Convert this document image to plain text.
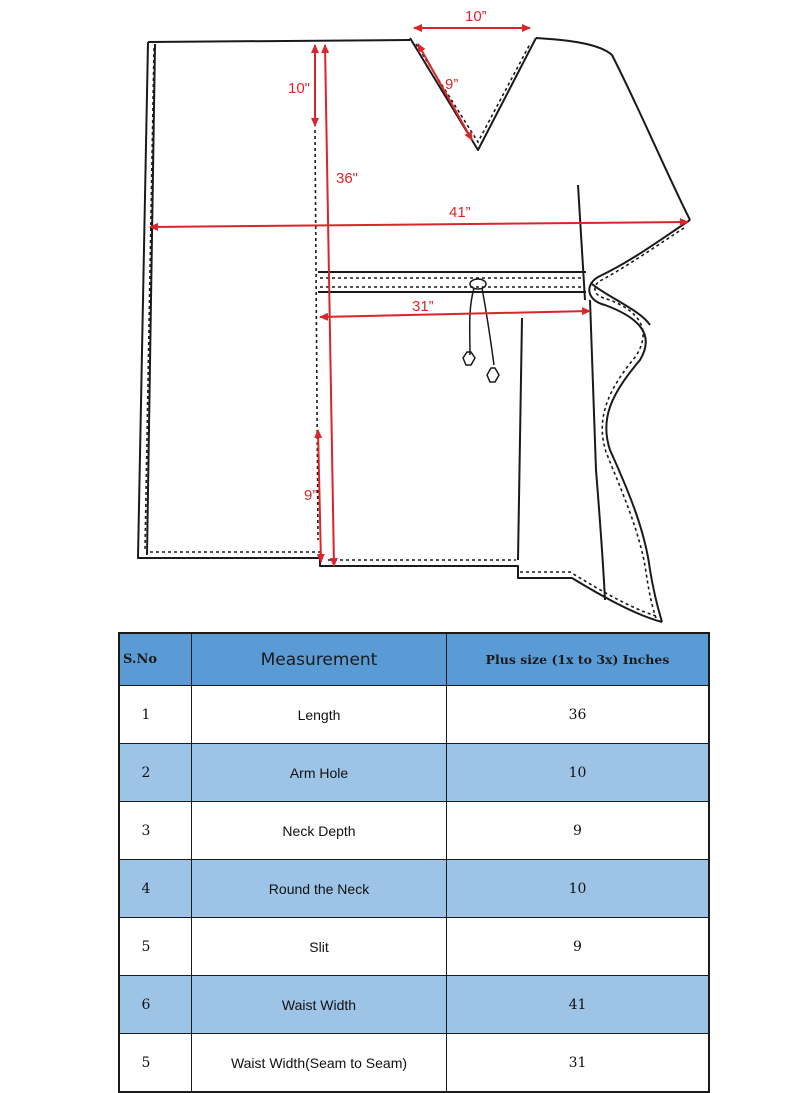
10”
9”
10"
36"
41”
31”
9”
S.No	Measurement	Plus size (1x to 3x) Inches
1	Length	36
2	Arm Hole	10
3	Neck Depth	9
4	Round the Neck	10
5	Slit	9
6	Waist Width	41
5	Waist Width(Seam to Seam)	31
